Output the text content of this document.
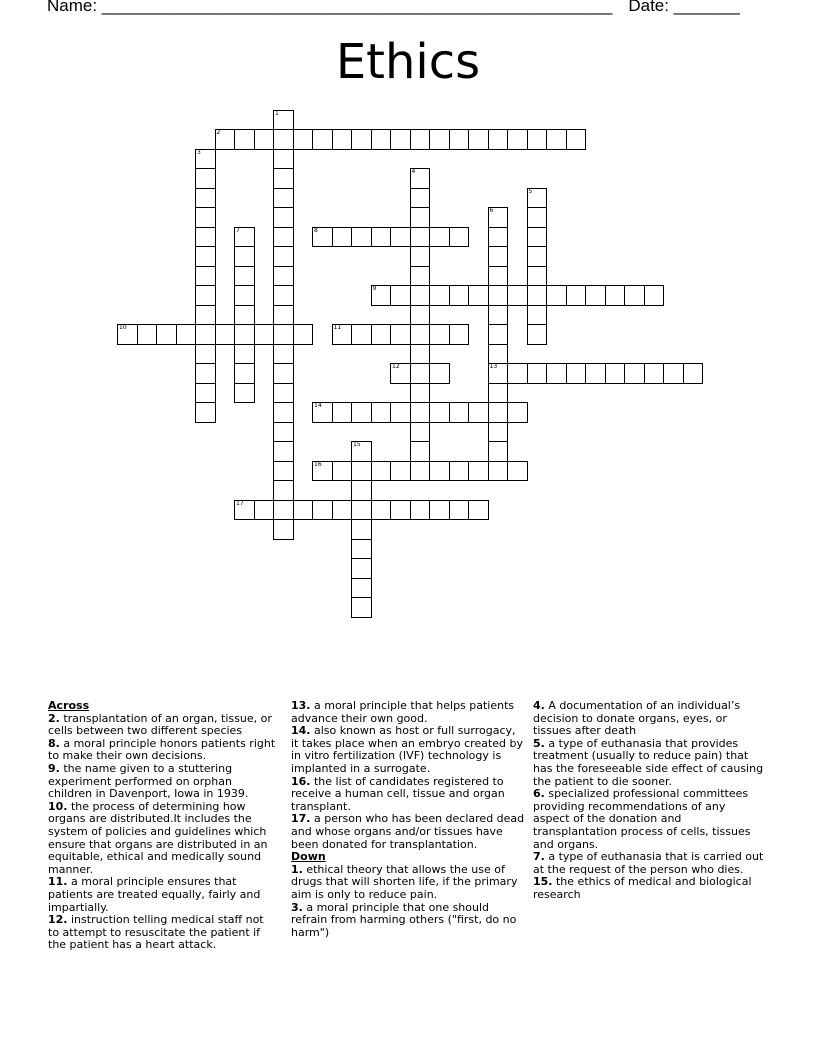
Name: ______________________________________________________ Date: _______
Ethics
1
2
3
4
5
6
13
7	8
9
10	11
12
14
15
16
17
Across

2. transplantation of an organ, tissue, or cells between two different species

8. a moral principle honors patients right to make their own decisions.

9. the name given to a stuttering experiment performed on orphan children in Davenport, Iowa in 1939.

10. the process of determining how organs are distributed.It includes the system of policies and guidelines which ensure that organs are distributed in an equitable, ethical and medically sound manner.

11. a moral principle ensures that patients are treated equally, fairly and impartially.

12. instruction telling medical staff not to attempt to resuscitate the patient if the patient has a heart attack.

13. a moral principle that helps patients advance their own good.

14. also known as host or full surrogacy, it takes place when an embryo created by in vitro fertilization (IVF) technology is implanted in a surrogate.

16. the list of candidates registered to receive a human cell, tissue and organ transplant.

17. a person who has been declared dead and whose organs and/or tissues have been donated for transplantation.

Down

1. ethical theory that allows the use of drugs that will shorten life, if the primary aim is only to reduce pain.

3. a moral principle that one should refrain from harming others ("first, do no harm")

4. A documentation of an individual’s decision to donate organs, eyes, or tissues after death

5. a type of euthanasia that provides treatment (usually to reduce pain) that has the foreseeable side effect of causing the patient to die sooner.

6. specialized professional committees providing recommendations of any aspect of the donation and transplantation process of cells, tissues and organs.

7. a type of euthanasia that is carried out at the request of the person who dies.

15. the ethics of medical and biological research
